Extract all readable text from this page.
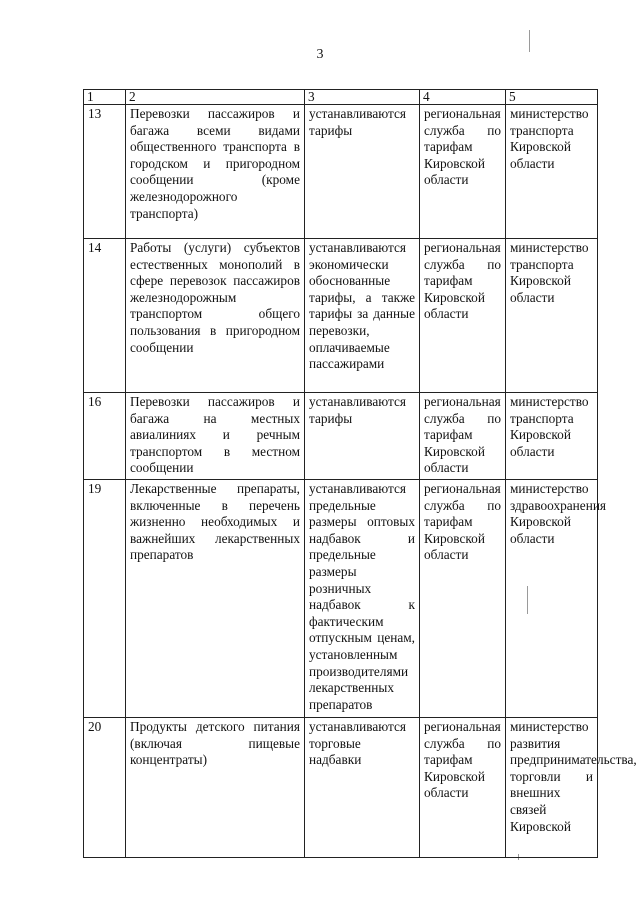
3
1	2	3	4	5
13	Перевозки пассажиров и багажа всеми видами общественного транспорта в городском и пригородном сообщении (кроме железнодорожного транспорта)	устанавливаются тарифы	региональная служба по тарифам Кировской области	министерство транспорта Кировской области
14	Работы (услуги) субъектов естественных монополий в сфере перевозок пассажиров железнодорожным транспортом общего пользования в пригородном сообщении	устанавливаются экономически обоснованные тарифы, а также тарифы за данные перевозки, оплачиваемые пассажирами	региональная служба по тарифам Кировской области	министерство транспорта Кировской области
16	Перевозки пассажиров и багажа на местных авиалиниях и речным транспортом в местном сообщении	устанавливаются тарифы	региональная служба по тарифам Кировской области	министерство транспорта Кировской области
19	Лекарственные препараты, включенные в перечень жизненно необходимых и важнейших лекарственных препаратов	устанавливаются предельные размеры оптовых надбавок и предельные размеры розничных надбавок к фактическим отпускным ценам, установленным производителями лекарственных препаратов	региональная служба по тарифам Кировской области	министерство здравоохранения Кировской области
20	Продукты детского питания (включая пищевые концентраты)	устанавливаются торговые надбавки	региональная служба по тарифам Кировской области	министерство развития предпринимательства, торговли и внешних связей Кировской
